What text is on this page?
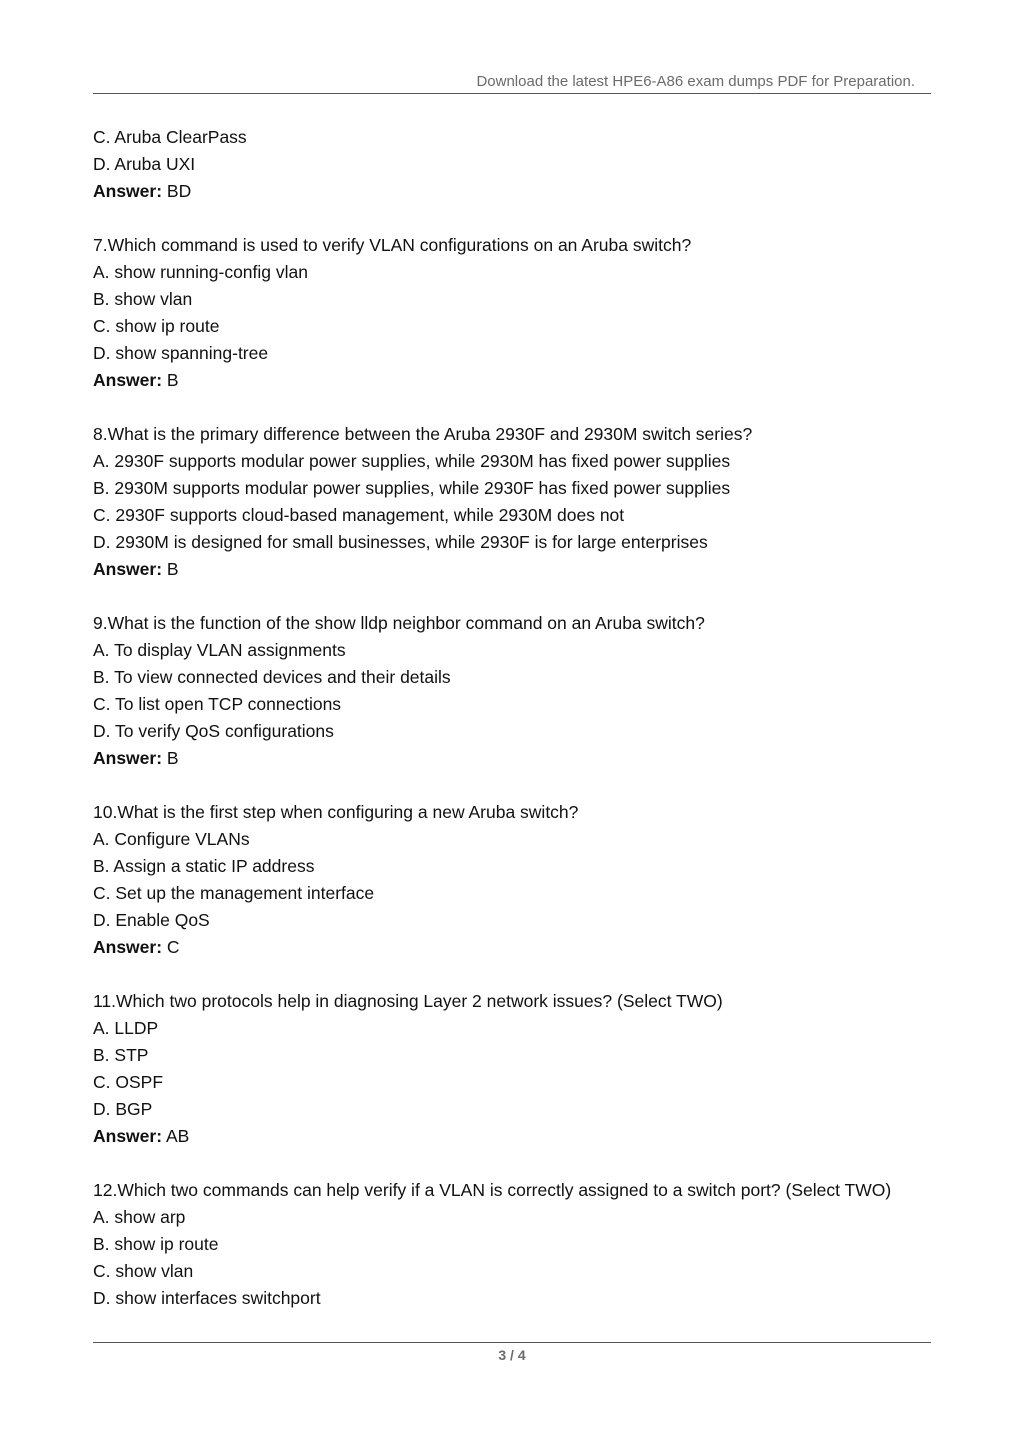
Download the latest HPE6-A86 exam dumps PDF for Preparation.
C. Aruba ClearPass
D. Aruba UXI
Answer: BD
7.Which command is used to verify VLAN configurations on an Aruba switch?
A. show running-config vlan
B. show vlan
C. show ip route
D. show spanning-tree
Answer: B
8.What is the primary difference between the Aruba 2930F and 2930M switch series?
A. 2930F supports modular power supplies, while 2930M has fixed power supplies
B. 2930M supports modular power supplies, while 2930F has fixed power supplies
C. 2930F supports cloud-based management, while 2930M does not
D. 2930M is designed for small businesses, while 2930F is for large enterprises
Answer: B
9.What is the function of the show lldp neighbor command on an Aruba switch?
A. To display VLAN assignments
B. To view connected devices and their details
C. To list open TCP connections
D. To verify QoS configurations
Answer: B
10.What is the first step when configuring a new Aruba switch?
A. Configure VLANs
B. Assign a static IP address
C. Set up the management interface
D. Enable QoS
Answer: C
11.Which two protocols help in diagnosing Layer 2 network issues? (Select TWO)
A. LLDP
B. STP
C. OSPF
D. BGP
Answer: AB
12.Which two commands can help verify if a VLAN is correctly assigned to a switch port? (Select TWO)
A. show arp
B. show ip route
C. show vlan
D. show interfaces switchport
3 / 4
